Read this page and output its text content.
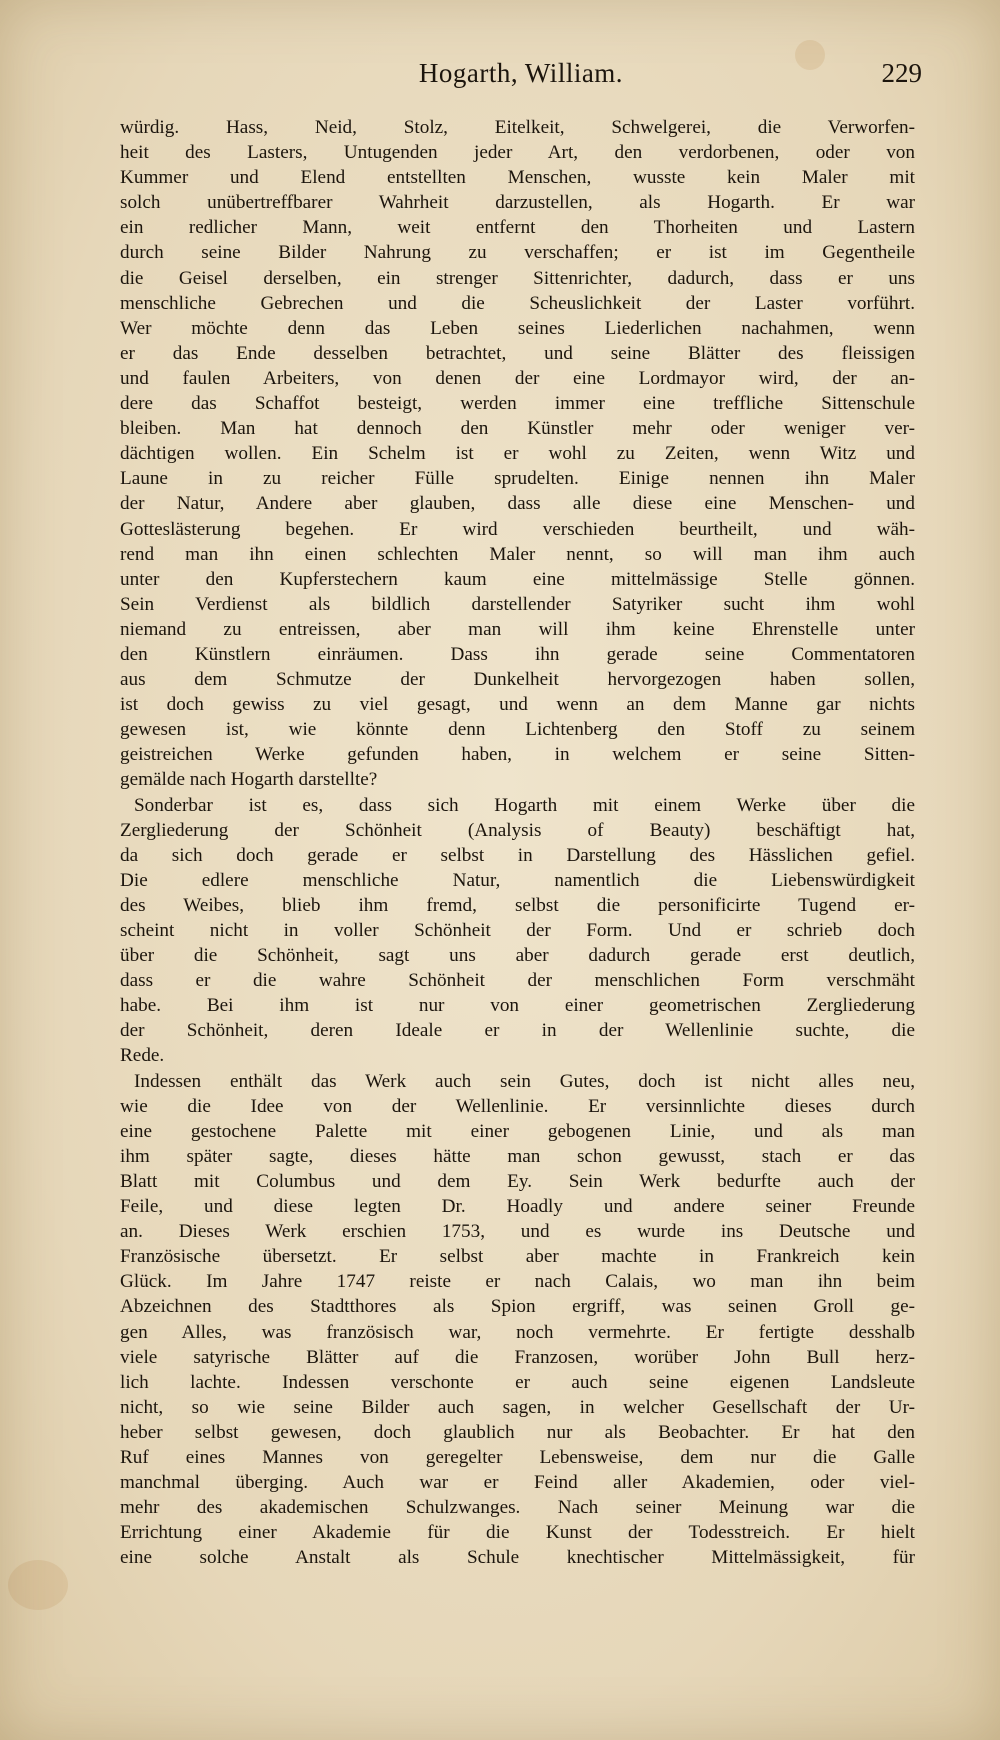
Hogarth, William.	229
würdig. Hass, Neid, Stolz, Eitelkeit, Schwelgerei, die Verworfen-
heit des Lasters, Untugenden jeder Art, den verdorbenen, oder von
Kummer und Elend entstellten Menschen, wusste kein Maler mit
solch unübertreffbarer Wahrheit darzustellen, als Hogarth. Er war
ein redlicher Mann, weit entfernt den Thorheiten und Lastern
durch seine Bilder Nahrung zu verschaffen; er ist im Gegentheile
die Geisel derselben, ein strenger Sittenrichter, dadurch, dass er uns
menschliche Gebrechen und die Scheuslichkeit der Laster vorführt.
Wer möchte denn das Leben seines Liederlichen nachahmen, wenn
er das Ende desselben betrachtet, und seine Blätter des fleissigen
und faulen Arbeiters, von denen der eine Lordmayor wird, der an-
dere das Schaffot besteigt, werden immer eine treffliche Sittenschule
bleiben. Man hat dennoch den Künstler mehr oder weniger ver-
dächtigen wollen. Ein Schelm ist er wohl zu Zeiten, wenn Witz und
Laune in zu reicher Fülle sprudelten. Einige nennen ihn Maler
der Natur, Andere aber glauben, dass alle diese eine Menschen- und
Gotteslästerung begehen. Er wird verschieden beurtheilt, und wäh-
rend man ihn einen schlechten Maler nennt, so will man ihm auch
unter den Kupferstechern kaum eine mittelmässige Stelle gönnen.
Sein Verdienst als bildlich darstellender Satyriker sucht ihm wohl
niemand zu entreissen, aber man will ihm keine Ehrenstelle unter
den Künstlern einräumen. Dass ihn gerade seine Commentatoren
aus dem Schmutze der Dunkelheit hervorgezogen haben sollen,
ist doch gewiss zu viel gesagt, und wenn an dem Manne gar nichts
gewesen ist, wie könnte denn Lichtenberg den Stoff zu seinem
geistreichen Werke gefunden haben, in welchem er seine Sitten-
gemälde nach Hogarth darstellte?
Sonderbar ist es, dass sich Hogarth mit einem Werke über die
Zergliederung der Schönheit (Analysis of Beauty) beschäftigt hat,
da sich doch gerade er selbst in Darstellung des Hässlichen gefiel.
Die edlere menschliche Natur, namentlich die Liebenswürdigkeit
des Weibes, blieb ihm fremd, selbst die personificirte Tugend er-
scheint nicht in voller Schönheit der Form. Und er schrieb doch
über die Schönheit, sagt uns aber dadurch gerade erst deutlich,
dass er die wahre Schönheit der menschlichen Form verschmäht
habe. Bei ihm ist nur von einer geometrischen Zergliederung
der Schönheit, deren Ideale er in der Wellenlinie suchte, die
Rede.
Indessen enthält das Werk auch sein Gutes, doch ist nicht alles neu,
wie die Idee von der Wellenlinie. Er versinnlichte dieses durch
eine gestochene Palette mit einer gebogenen Linie, und als man
ihm später sagte, dieses hätte man schon gewusst, stach er das
Blatt mit Columbus und dem Ey. Sein Werk bedurfte auch der
Feile, und diese legten Dr. Hoadly und andere seiner Freunde
an. Dieses Werk erschien 1753, und es wurde ins Deutsche und
Französische übersetzt. Er selbst aber machte in Frankreich kein
Glück. Im Jahre 1747 reiste er nach Calais, wo man ihn beim
Abzeichnen des Stadtthores als Spion ergriff, was seinen Groll ge-
gen Alles, was französisch war, noch vermehrte. Er fertigte desshalb
viele satyrische Blätter auf die Franzosen, worüber John Bull herz-
lich lachte. Indessen verschonte er auch seine eigenen Landsleute
nicht, so wie seine Bilder auch sagen, in welcher Gesellschaft der Ur-
heber selbst gewesen, doch glaublich nur als Beobachter. Er hat den
Ruf eines Mannes von geregelter Lebensweise, dem nur die Galle
manchmal überging. Auch war er Feind aller Akademien, oder viel-
mehr des akademischen Schulzwanges. Nach seiner Meinung war die
Errichtung einer Akademie für die Kunst der Todesstreich. Er hielt
eine solche Anstalt als Schule knechtischer Mittelmässigkeit, für
